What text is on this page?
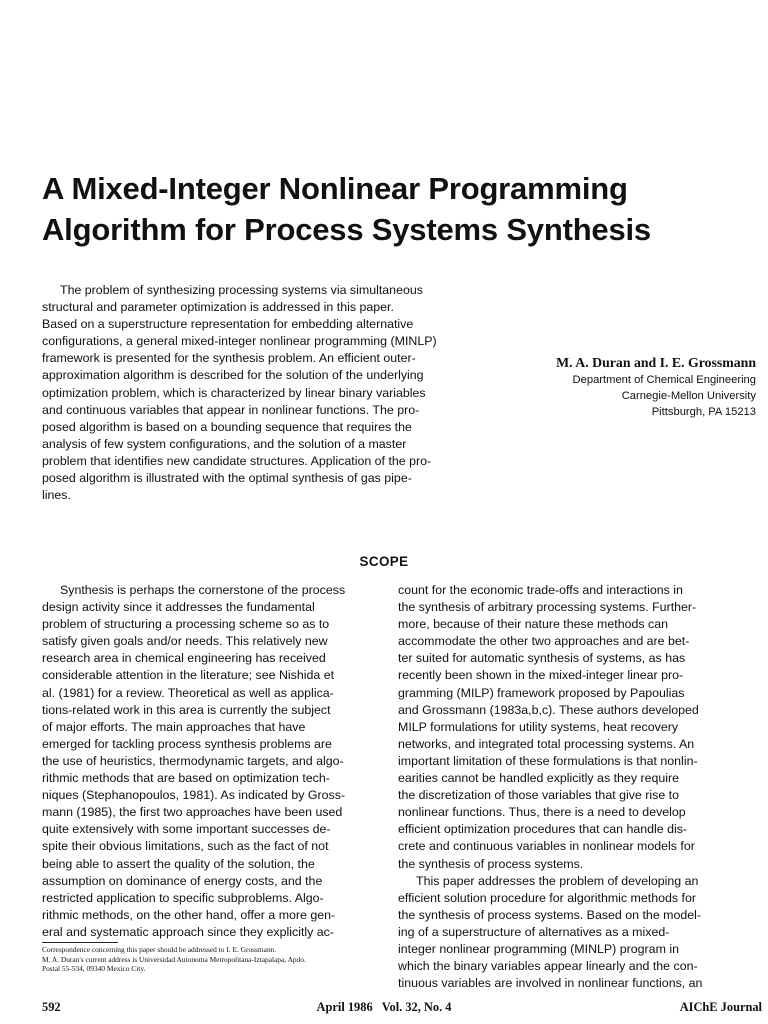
A Mixed-Integer Nonlinear Programming
Algorithm for Process Systems Synthesis
The problem of synthesizing processing systems via simultaneous
structural and parameter optimization is addressed in this paper.
Based on a superstructure representation for embedding alternative
configurations, a general mixed-integer nonlinear programming (MINLP)
framework is presented for the synthesis problem. An efficient outer-
approximation algorithm is described for the solution of the underlying
optimization problem, which is characterized by linear binary variables
and continuous variables that appear in nonlinear functions. The pro-
posed algorithm is based on a bounding sequence that requires the
analysis of few system configurations, and the solution of a master
problem that identifies new candidate structures. Application of the pro-
posed algorithm is illustrated with the optimal synthesis of gas pipe-
lines.
M. A. Duran and I. E. Grossmann
Department of Chemical Engineering
Carnegie-Mellon University
Pittsburgh, PA 15213
SCOPE
Synthesis is perhaps the cornerstone of the process
design activity since it addresses the fundamental
problem of structuring a processing scheme so as to
satisfy given goals and/or needs. This relatively new
research area in chemical engineering has received
considerable attention in the literature; see Nishida et
al. (1981) for a review. Theoretical as well as applica-
tions-related work in this area is currently the subject
of major efforts. The main approaches that have
emerged for tackling process synthesis problems are
the use of heuristics, thermodynamic targets, and algo-
rithmic methods that are based on optimization tech-
niques (Stephanopoulos, 1981). As indicated by Gross-
mann (1985), the first two approaches have been used
quite extensively with some important successes de-
spite their obvious limitations, such as the fact of not
being able to assert the quality of the solution, the
assumption on dominance of energy costs, and the
restricted application to specific subproblems. Algo-
rithmic methods, on the other hand, offer a more gen-
eral and systematic approach since they explicitly ac-
count for the economic trade-offs and interactions in
the synthesis of arbitrary processing systems. Further-
more, because of their nature these methods can
accommodate the other two approaches and are bet-
ter suited for automatic synthesis of systems, as has
recently been shown in the mixed-integer linear pro-
gramming (MILP) framework proposed by Papoulias
and Grossmann (1983a,b,c). These authors developed
MILP formulations for utility systems, heat recovery
networks, and integrated total processing systems. An
important limitation of these formulations is that nonlin-
earities cannot be handled explicitly as they require
the discretization of those variables that give rise to
nonlinear functions. Thus, there is a need to develop
efficient optimization procedures that can handle dis-
crete and continuous variables in nonlinear models for
the synthesis of process systems.
This paper addresses the problem of developing an
efficient solution procedure for algorithmic methods for
the synthesis of process systems. Based on the model-
ing of a superstructure of alternatives as a mixed-
integer nonlinear programming (MINLP) program in
which the binary variables appear linearly and the con-
tinuous variables are involved in nonlinear functions, an
Correspondence concerning this paper should be addressed to I. E. Grossmann.
M. A. Duran's current address is Universidad Autonoma Metropolitana-Iztapalapa, Apdo.
Postal 55-534, 09340 Mexico City.
592	April 1986   Vol. 32, No. 4	AIChE Journal
